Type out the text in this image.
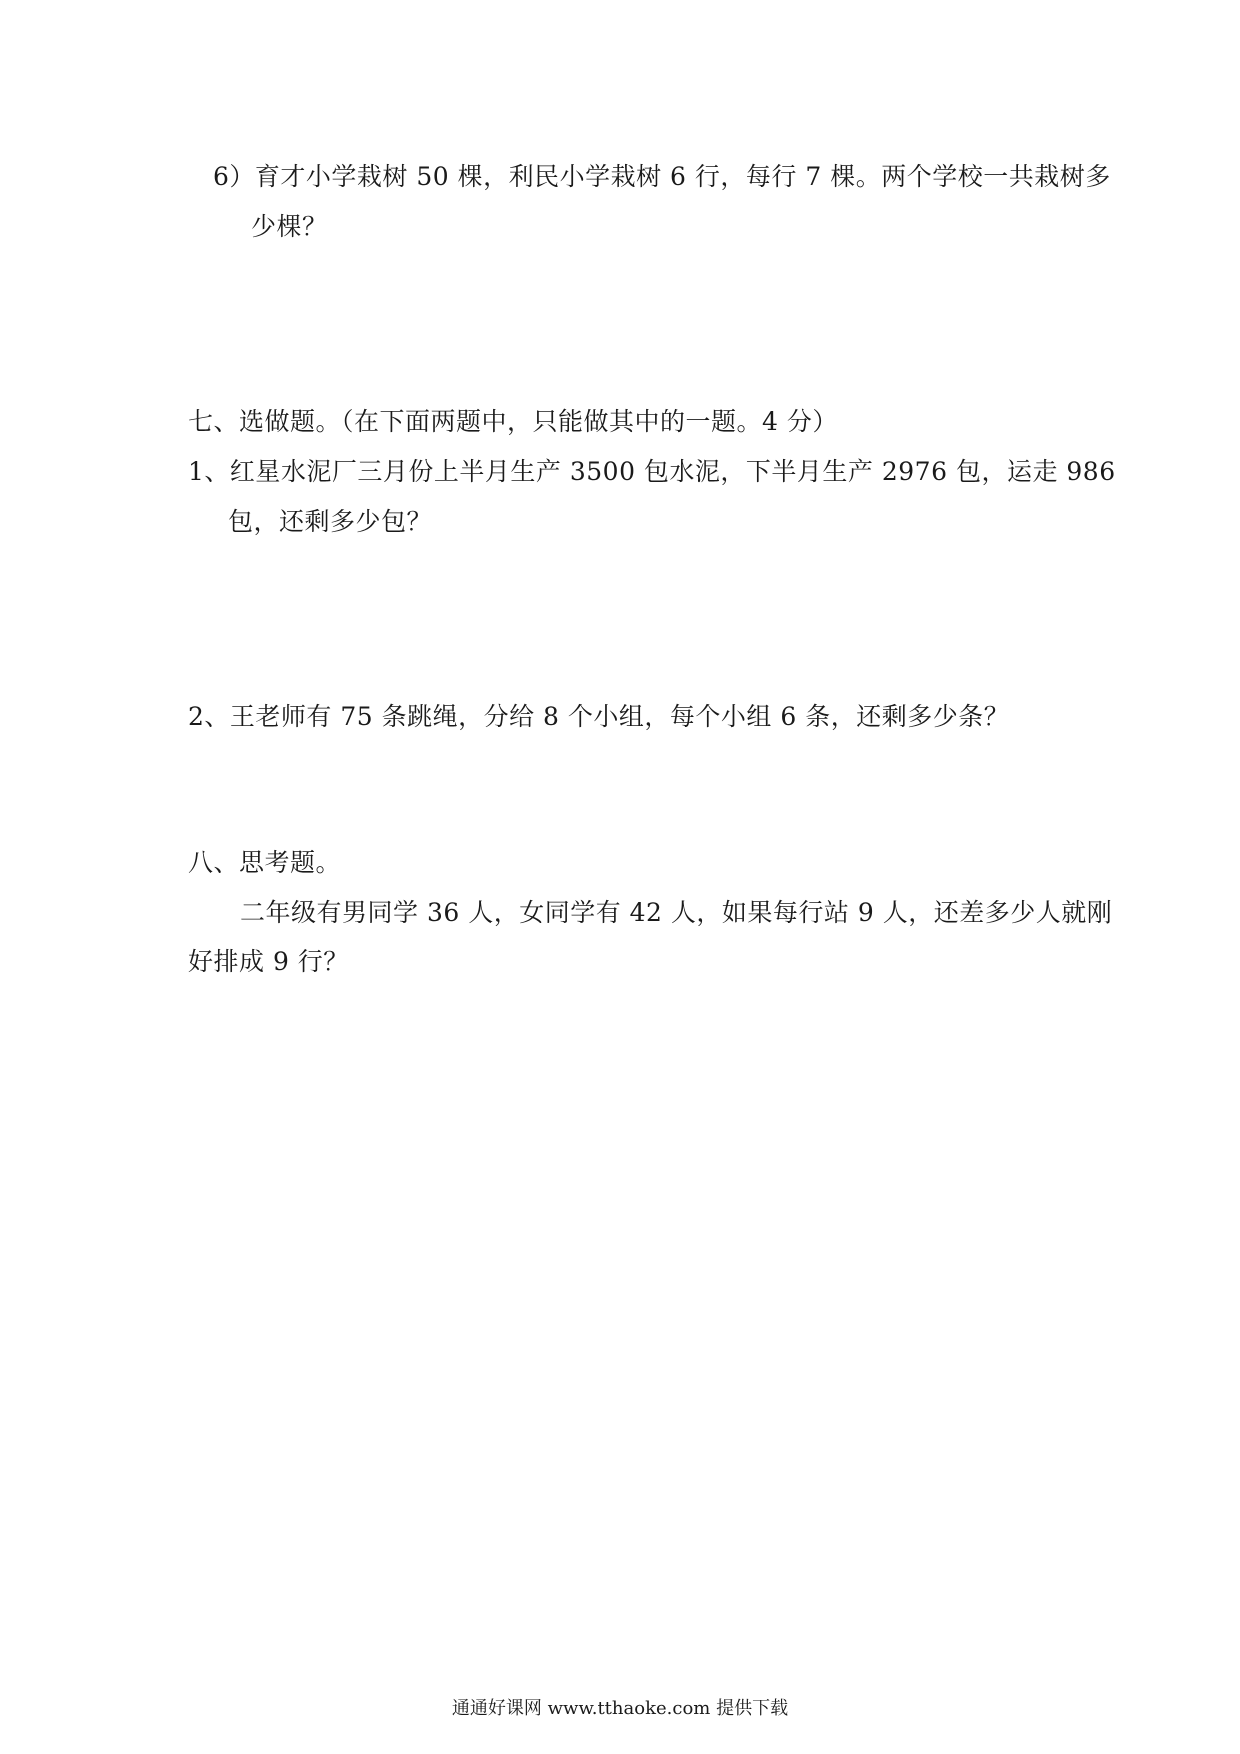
6）育才小学栽树 50 棵，利民小学栽树 6 行，每行 7 棵。两个学校一共栽树多
少棵？
七、选做题。（在下面两题中，只能做其中的一题。4 分）
1、红星水泥厂三月份上半月生产 3500 包水泥，下半月生产 2976 包，运走 986
包，还剩多少包？
2、王老师有 75 条跳绳，分给 8 个小组，每个小组 6 条，还剩多少条？
八、思考题。
二年级有男同学 36 人，女同学有 42 人，如果每行站 9 人，还差多少人就刚
好排成 9 行？
通通好课网 www.tthaoke.com 提供下载
